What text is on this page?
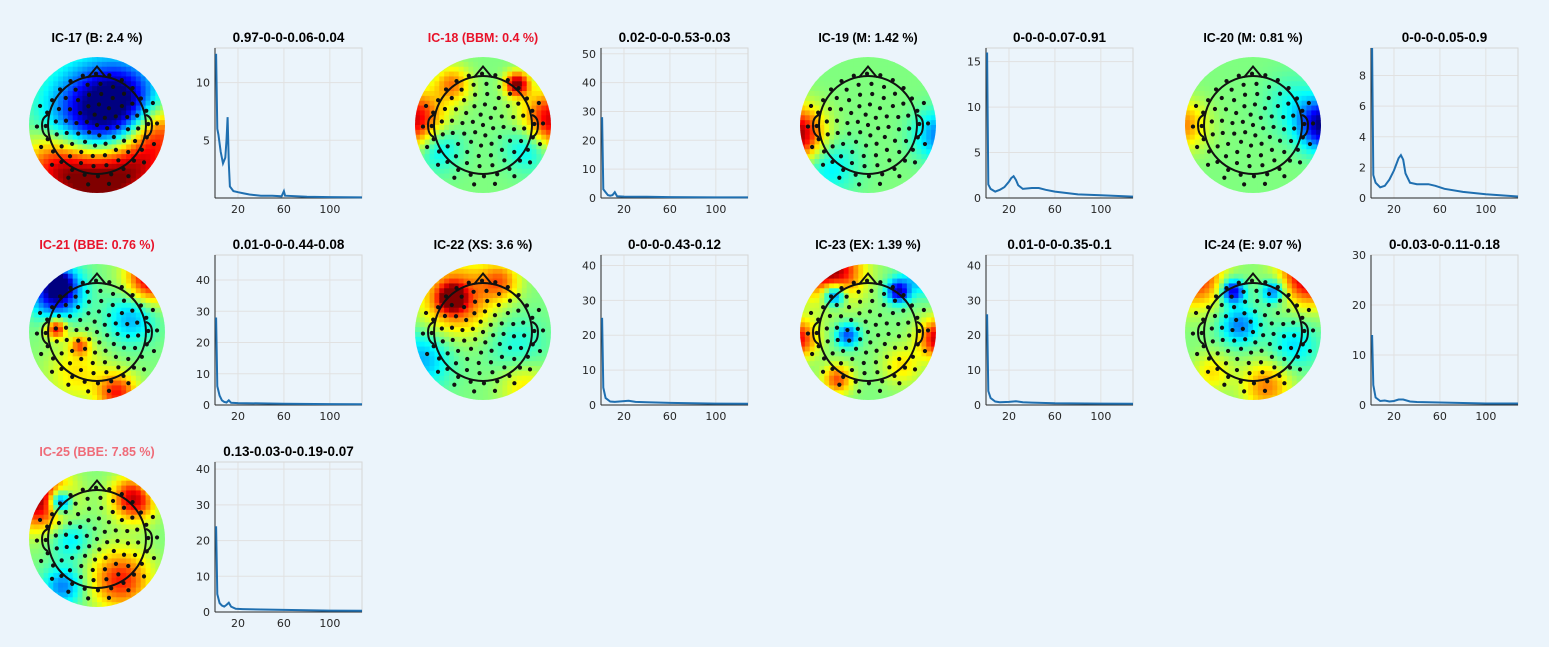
IC-17 (B: 2.4 %)	0.97-0-0-0.06-0.04
20	60	100
5
10
IC-18 (BBM: 0.4 %)	0.02-0-0-0.53-0.03
20	60	100
0
10
20
30
40
50
IC-19 (M: 1.42 %)	0-0-0-0.07-0.91
20	60	100
0
5
10
15
IC-20 (M: 0.81 %)	0-0-0-0.05-0.9
20	60	100
0
2
4
6
8
IC-21 (BBE: 0.76 %)	0.01-0-0-0.44-0.08
20	60	100
0
10
20
30
40
IC-22 (XS: 3.6 %)	0-0-0-0.43-0.12
20	60	100
0
10
20
30
40
IC-23 (EX: 1.39 %)	0.01-0-0-0.35-0.1
20	60	100
0
10
20
30
40
IC-24 (E: 9.07 %)	0-0.03-0-0.11-0.18
20	60	100
0
10
20
30
IC-25 (BBE: 7.85 %)	0.13-0.03-0-0.19-0.07
20	60	100
0
10
20
30
40
